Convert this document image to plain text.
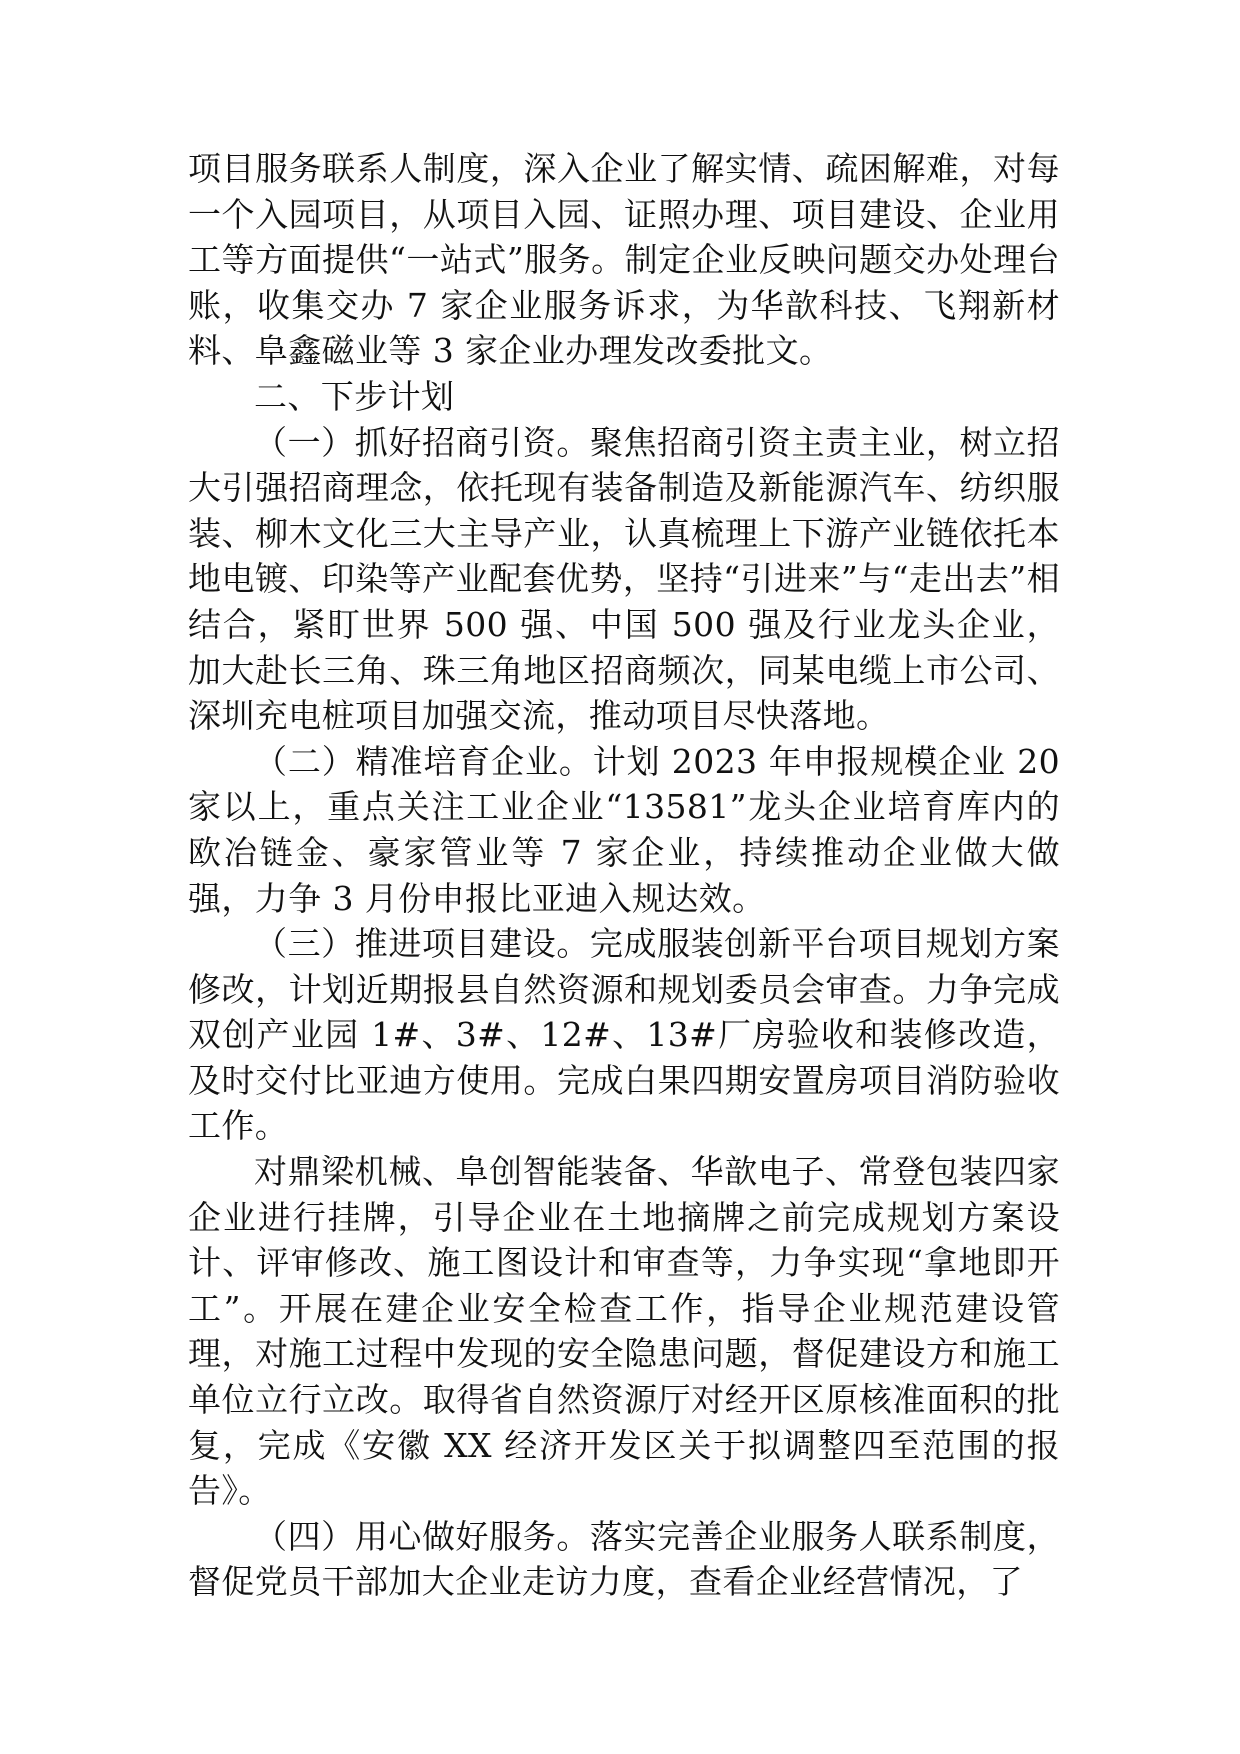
项目服务联系人制度，深入企业了解实情、疏困解难，对每一个入园项目，从项目入园、证照办理、项目建设、企业用工等方面提供“一站式”服务。制定企业反映问题交办处理台账，收集交办 7 家企业服务诉求，为华歆科技、飞翔新材料、阜鑫磁业等 3 家企业办理发改委批文。

二、下步计划

（一）抓好招商引资。聚焦招商引资主责主业，树立招大引强招商理念，依托现有装备制造及新能源汽车、纺织服装、柳木文化三大主导产业，认真梳理上下游产业链依托本地电镀、印染等产业配套优势，坚持“引进来”与“走出去”相结合，紧盯世界 500 强、中国 500 强及行业龙头企业，加大赴长三角、珠三角地区招商频次，同某电缆上市公司、深圳充电桩项目加强交流，推动项目尽快落地。

（二）精准培育企业。计划 2023 年申报规模企业 20 家以上，重点关注工业企业“13581”龙头企业培育库内的欧冶链金、豪家管业等 7 家企业，持续推动企业做大做强，力争 3 月份申报比亚迪入规达效。

（三）推进项目建设。完成服装创新平台项目规划方案修改，计划近期报县自然资源和规划委员会审查。力争完成双创产业园 1#、3#、12#、13#厂房验收和装修改造，及时交付比亚迪方使用。完成白果四期安置房项目消防验收工作。

对鼎梁机械、阜创智能装备、华歆电子、常登包装四家企业进行挂牌，引导企业在土地摘牌之前完成规划方案设计、评审修改、施工图设计和审查等，力争实现“拿地即开工”。开展在建企业安全检查工作，指导企业规范建设管理，对施工过程中发现的安全隐患问题，督促建设方和施工单位立行立改。取得省自然资源厅对经开区原核准面积的批复，完成《安徽 XX 经济开发区关于拟调整四至范围的报告》。

（四）用心做好服务。落实完善企业服务人联系制度，督促党员干部加大企业走访力度，查看企业经营情况，了
